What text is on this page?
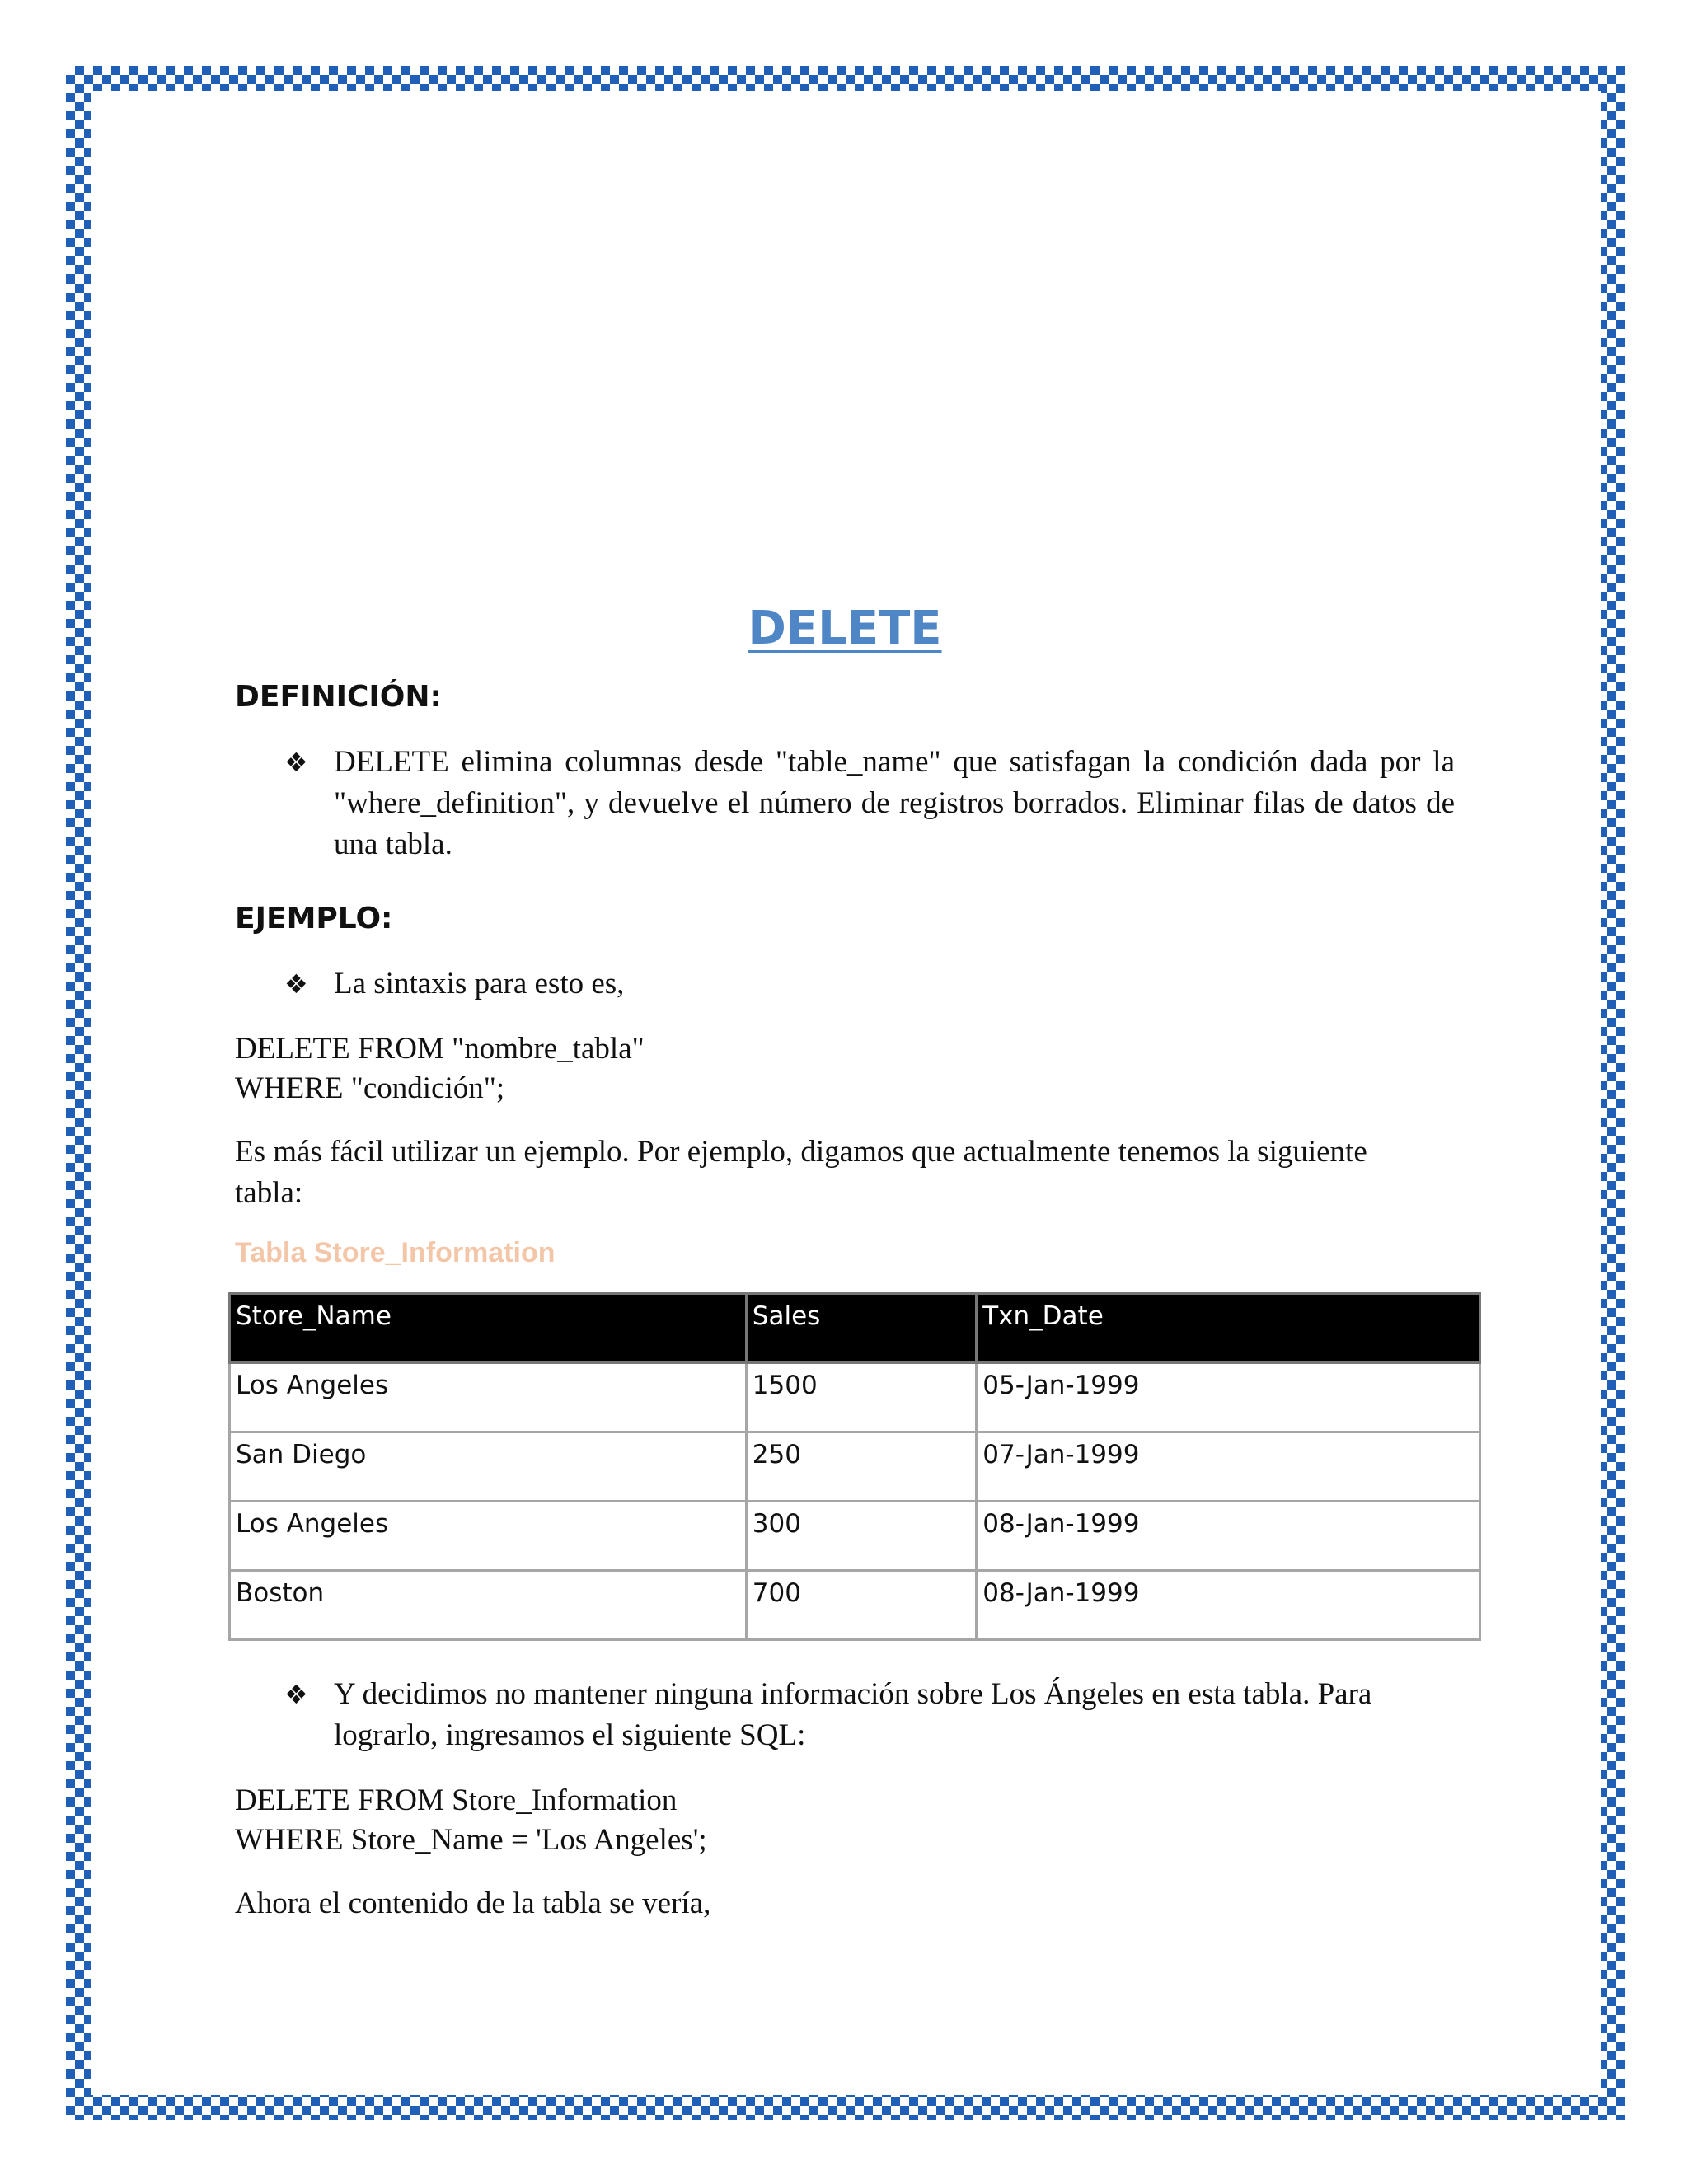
DELETE
DEFINICIÓN:
❖ DELETE elimina columnas desde "table_name" que satisfagan la condición dada por la "where_definition", y devuelve el número de registros borrados. Eliminar filas de datos de una tabla.
EJEMPLO:
❖ La sintaxis para esto es,
DELETE FROM "nombre_tabla"
WHERE "condición";
Es más fácil utilizar un ejemplo. Por ejemplo, digamos que actualmente tenemos la siguiente tabla:
Tabla Store_Information
Store_Name	Sales	Txn_Date
Los Angeles	1500	05-Jan-1999
San Diego	250	07-Jan-1999
Los Angeles	300	08-Jan-1999
Boston	700	08-Jan-1999
❖ Y decidimos no mantener ninguna información sobre Los Ángeles en esta tabla. Para lograrlo, ingresamos el siguiente SQL:
DELETE FROM Store_Information
WHERE Store_Name = 'Los Angeles';
Ahora el contenido de la tabla se vería,
